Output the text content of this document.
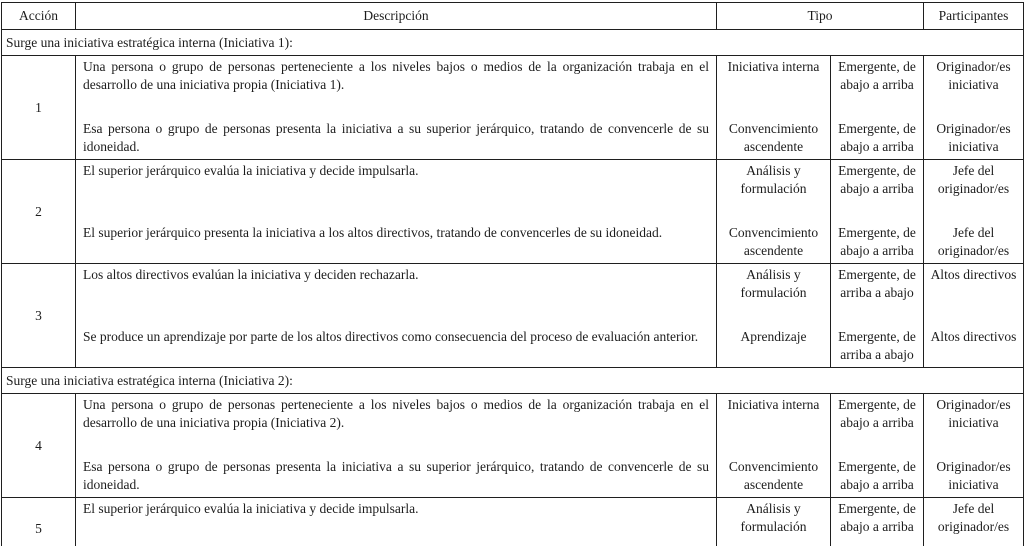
Acción	Descripción	Tipo		Participantes
Surge una iniciativa estratégica interna (Iniciativa 1):				
1	Una persona o grupo de personas perteneciente a los niveles bajos o medios de la organización trabaja en el desarrollo de una iniciativa propia (Iniciativa 1).	Iniciativa interna	Emergente, de abajo a arriba	Originador/es iniciativa
	Esa persona o grupo de personas presenta la iniciativa a su superior jerárquico, tratando de convencerle de su idoneidad.	Convencimiento ascendente	Emergente, de abajo a arriba	Originador/es iniciativa
2	El superior jerárquico evalúa la iniciativa y decide impulsarla.	Análisis y formulación	Emergente, de abajo a arriba	Jefe del originador/es
	El superior jerárquico presenta la iniciativa a los altos directivos, tratando de convencerles de su idoneidad.	Convencimiento ascendente	Emergente, de abajo a arriba	Jefe del originador/es
3	Los altos directivos evalúan la iniciativa y deciden rechazarla.	Análisis y formulación	Emergente, de arriba a abajo	Altos directivos
	Se produce un aprendizaje por parte de los altos directivos como consecuencia del proceso de evaluación anterior.	Aprendizaje	Emergente, de arriba a abajo	Altos directivos
Surge una iniciativa estratégica interna (Iniciativa 2):				
4	Una persona o grupo de personas perteneciente a los niveles bajos o medios de la organización trabaja en el desarrollo de una iniciativa propia (Iniciativa 2).	Iniciativa interna	Emergente, de abajo a arriba	Originador/es iniciativa
	Esa persona o grupo de personas presenta la iniciativa a su superior jerárquico, tratando de convencerle de su idoneidad.	Convencimiento ascendente	Emergente, de abajo a arriba	Originador/es iniciativa
5	El superior jerárquico evalúa la iniciativa y decide impulsarla.	Análisis y formulación	Emergente, de abajo a arriba	Jefe del originador/es
